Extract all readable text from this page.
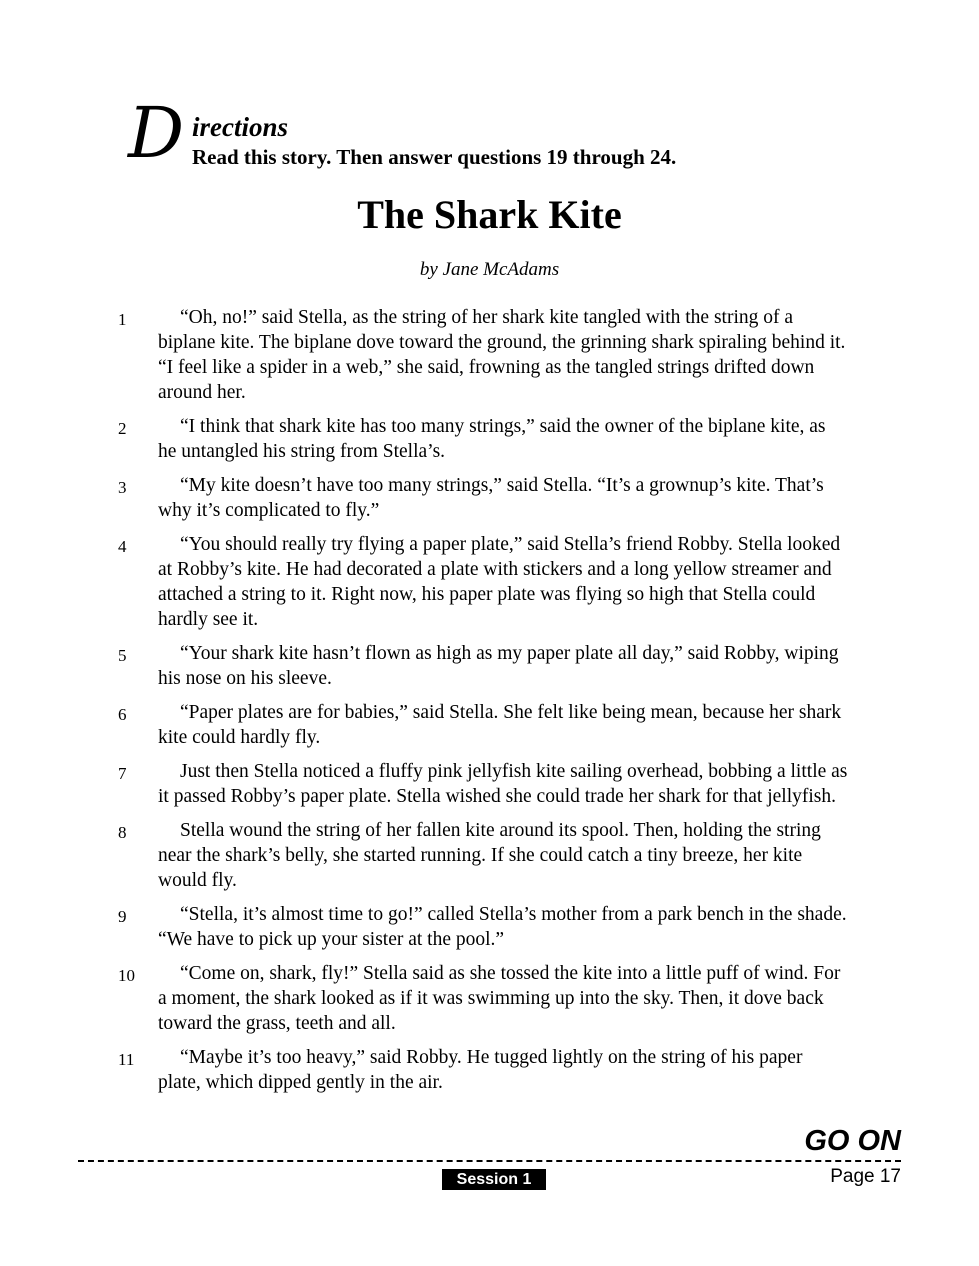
D irections
Read this story. Then answer questions 19 through 24.
The Shark Kite
by Jane McAdams
1	“Oh, no!” said Stella, as the string of her shark kite tangled with the string of a biplane kite. The biplane dove toward the ground, the grinning shark spiraling behind it. “I feel like a spider in a web,” she said, frowning as the tangled strings drifted down around her.
2	“I think that shark kite has too many strings,” said the owner of the biplane kite, as he untangled his string from Stella’s.
3	“My kite doesn’t have too many strings,” said Stella. “It’s a grownup’s kite. That’s why it’s complicated to fly.”
4	“You should really try flying a paper plate,” said Stella’s friend Robby. Stella looked at Robby’s kite. He had decorated a plate with stickers and a long yellow streamer and attached a string to it. Right now, his paper plate was flying so high that Stella could hardly see it.
5	“Your shark kite hasn’t flown as high as my paper plate all day,” said Robby, wiping his nose on his sleeve.
6	“Paper plates are for babies,” said Stella. She felt like being mean, because her shark kite could hardly fly.
7	Just then Stella noticed a fluffy pink jellyfish kite sailing overhead, bobbing a little as it passed Robby’s paper plate. Stella wished she could trade her shark for that jellyfish.
8	Stella wound the string of her fallen kite around its spool. Then, holding the string near the shark’s belly, she started running. If she could catch a tiny breeze, her kite would fly.
9	“Stella, it’s almost time to go!” called Stella’s mother from a park bench in the shade. “We have to pick up your sister at the pool.”
10	“Come on, shark, fly!” Stella said as she tossed the kite into a little puff of wind. For a moment, the shark looked as if it was swimming up into the sky. Then, it dove back toward the grass, teeth and all.
11	“Maybe it’s too heavy,” said Robby. He tugged lightly on the string of his paper plate, which dipped gently in the air.
GO ON
Session 1	Page 17
